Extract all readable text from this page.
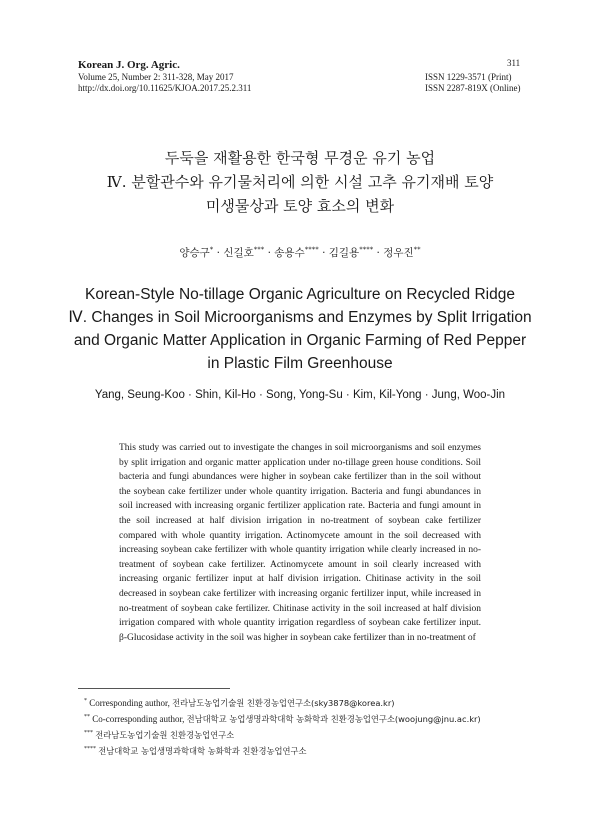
Korean J. Org. Agric.
Volume 25, Number 2: 311-328, May 2017
http://dx.doi.org/10.11625/KJOA.2017.25.2.311
311
ISSN 1229-3571 (Print)
ISSN 2287-819X (Online)
두둑을 재활용한 한국형 무경운 유기 농업
Ⅳ. 분할관수와 유기물처리에 의한 시설 고추 유기재배 토양
미생물상과 토양 효소의 변화
양승구* · 신길호*** · 송용수**** · 김길용**** · 정우진**
Korean-Style No-tillage Organic Agriculture on Recycled Ridge
Ⅳ. Changes in Soil Microorganisms and Enzymes by Split Irrigation
and Organic Matter Application in Organic Farming of Red Pepper
in Plastic Film Greenhouse
Yang, Seung-Koo · Shin, Kil-Ho · Song, Yong-Su · Kim, Kil-Yong · Jung, Woo-Jin
This study was carried out to investigate the changes in soil microorganisms and soil enzymes by split irrigation and organic matter application under no-tillage green house conditions. Soil bacteria and fungi abundances were higher in soybean cake fertilizer than in the soil without the soybean cake fertilizer under whole quantity irrigation. Bacteria and fungi abundances in soil increased with increasing organic fertilizer application rate. Bacteria and fungi amount in the soil increased at half division irrigation in no-treatment of soybean cake fertilizer compared with whole quantity irrigation. Actinomycete amount in the soil decreased with increasing soybean cake fertilizer with whole quantity irrigation while clearly increased in no-treatment of soybean cake fertilizer. Actinomycete amount in soil clearly increased with increasing organic fertilizer input at half division irrigation. Chitinase activity in the soil decreased in soybean cake fertilizer with increasing organic fertilizer input, while increased in no-treatment of soybean cake fertilizer. Chitinase activity in the soil increased at half division irrigation compared with whole quantity irrigation regardless of soybean cake fertilizer input. β-Glucosidase activity in the soil was higher in soybean cake fertilizer than in no-treatment of
* Corresponding author, 전라남도농업기술원 친환경농업연구소(sky3878@korea.kr)
** Co-corresponding author, 전남대학교 농업생명과학대학 농화학과 친환경농업연구소(woojung@jnu.ac.kr)
*** 전라남도농업기술원 친환경농업연구소
**** 전남대학교 농업생명과학대학 농화학과 친환경농업연구소
